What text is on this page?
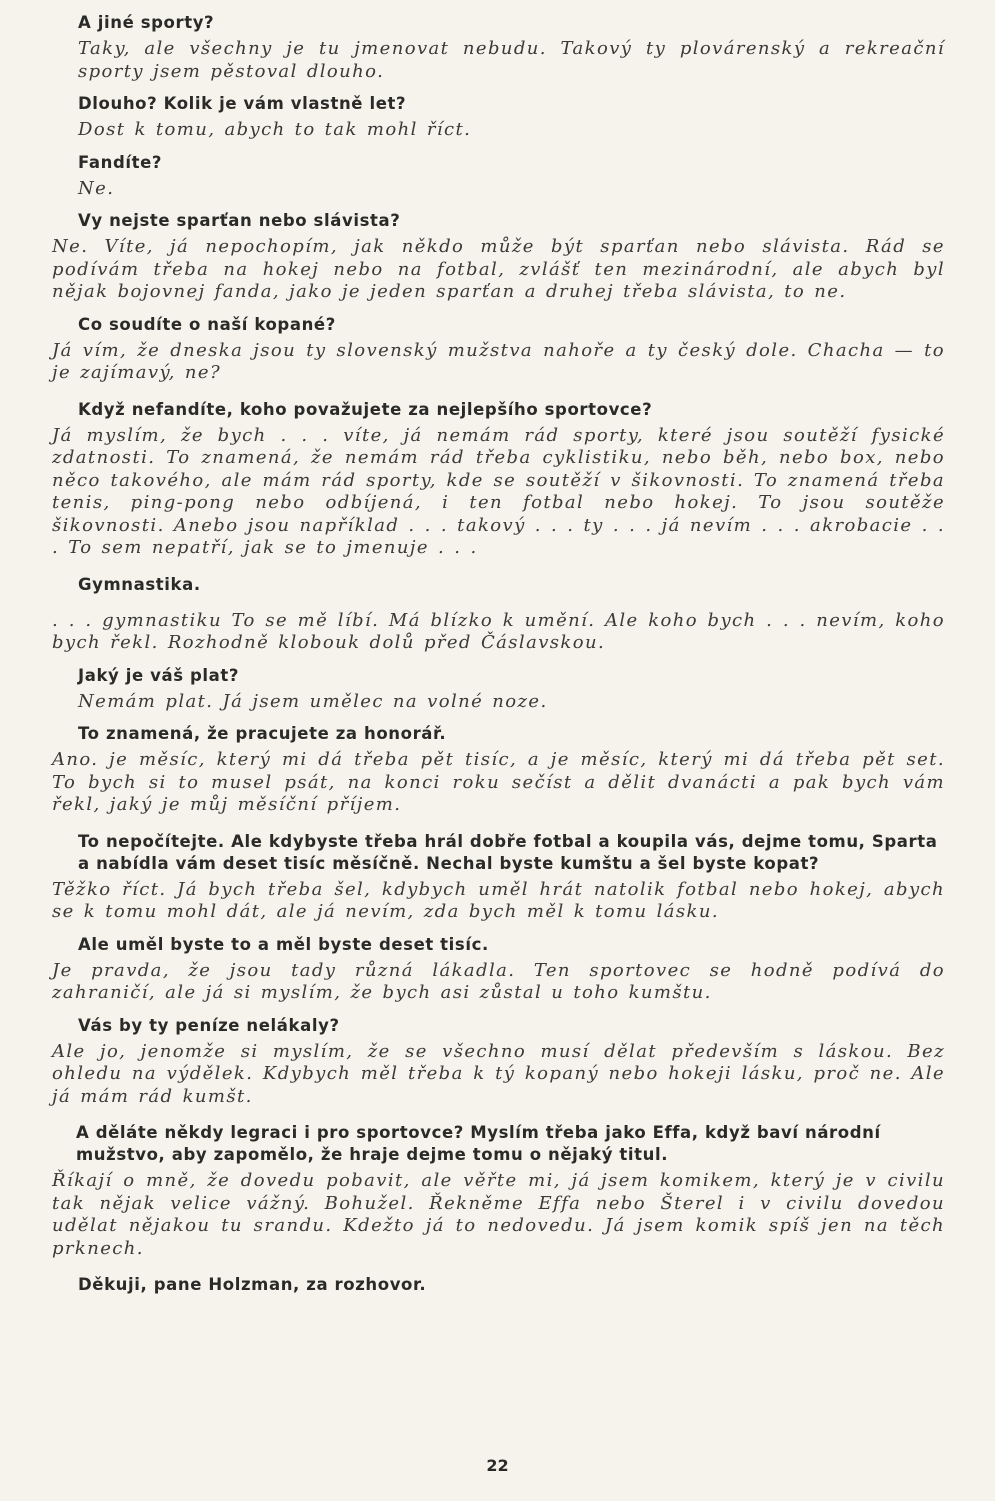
A jiné sporty?

Taky, ale všechny je tu jmenovat nebudu. Takový ty plovárenský a rekreační sporty jsem pěstoval dlouho.

Dlouho? Kolik je vám vlastně let?

Dost k tomu, abych to tak mohl říct.

Fandíte?

Ne.

Vy nejste sparťan nebo slávista?

Ne. Víte, já nepochopím, jak někdo může být sparťan nebo slávista. Rád se podívám třeba na hokej nebo na fotbal, zvlášť ten mezinárodní, ale abych byl nějak bojovnej fanda, jako je jeden sparťan a druhej třeba slávista, to ne.

Co soudíte o naší kopané?

Já vím, že dneska jsou ty slovenský mužstva nahoře a ty český dole. Chacha — to je zajímavý, ne?

Když nefandíte, koho považujete za nejlepšího sportovce?

Já myslím, že bych . . . víte, já nemám rád sporty, které jsou soutěží fysické zdatnosti. To znamená, že nemám rád třeba cyklistiku, nebo běh, nebo box, nebo něco takového, ale mám rád sporty, kde se soutěží v šikovnosti. To znamená třeba tenis, ping-pong nebo odbíjená, i ten fotbal nebo hokej. To jsou soutěže šikovnosti. Anebo jsou například . . . takový . . . ty . . . já nevím . . . akrobacie . . . To sem nepatří, jak se to jmenuje . . .

Gymnastika.

. . . gymnastiku To se mě líbí. Má blízko k umění. Ale koho bych . . . nevím, koho bych řekl. Rozhodně klobouk dolů před Čáslavskou.

Jaký je váš plat?

Nemám plat. Já jsem umělec na volné noze.

To znamená, že pracujete za honorář.

Ano. je měsíc, který mi dá třeba pět tisíc, a je měsíc, který mi dá třeba pět set. To bych si to musel psát, na konci roku sečíst a dělit dvanácti a pak bych vám řekl, jaký je můj měsíční příjem.

To nepočítejte. Ale kdybyste třeba hrál dobře fotbal a koupila vás, dejme tomu, Sparta a nabídla vám deset tisíc měsíčně. Nechal byste kumštu a šel byste kopat?

Těžko říct. Já bych třeba šel, kdybych uměl hrát natolik fotbal nebo hokej, abych se k tomu mohl dát, ale já nevím, zda bych měl k tomu lásku.

Ale uměl byste to a měl byste deset tisíc.

Je pravda, že jsou tady různá lákadla. Ten sportovec se hodně podívá do zahraničí, ale já si myslím, že bych asi zůstal u toho kumštu.

Vás by ty peníze nelákaly?

Ale jo, jenomže si myslím, že se všechno musí dělat především s láskou. Bez ohledu na výdělek. Kdybych měl třeba k tý kopaný nebo hokeji lásku, proč ne. Ale já mám rád kumšt.

A děláte někdy legraci i pro sportovce? Myslím třeba jako Effa, když baví národní mužstvo, aby zapomělo, že hraje dejme tomu o nějaký titul.

Říkají o mně, že dovedu pobavit, ale věřte mi, já jsem komikem, který je v civilu tak nějak velice vážný. Bohužel. Řekněme Effa nebo Šterel i v civilu dovedou udělat nějakou tu srandu. Kdežto já to nedovedu. Já jsem komik spíš jen na těch prknech.

Děkuji, pane Holzman, za rozhovor.

22
